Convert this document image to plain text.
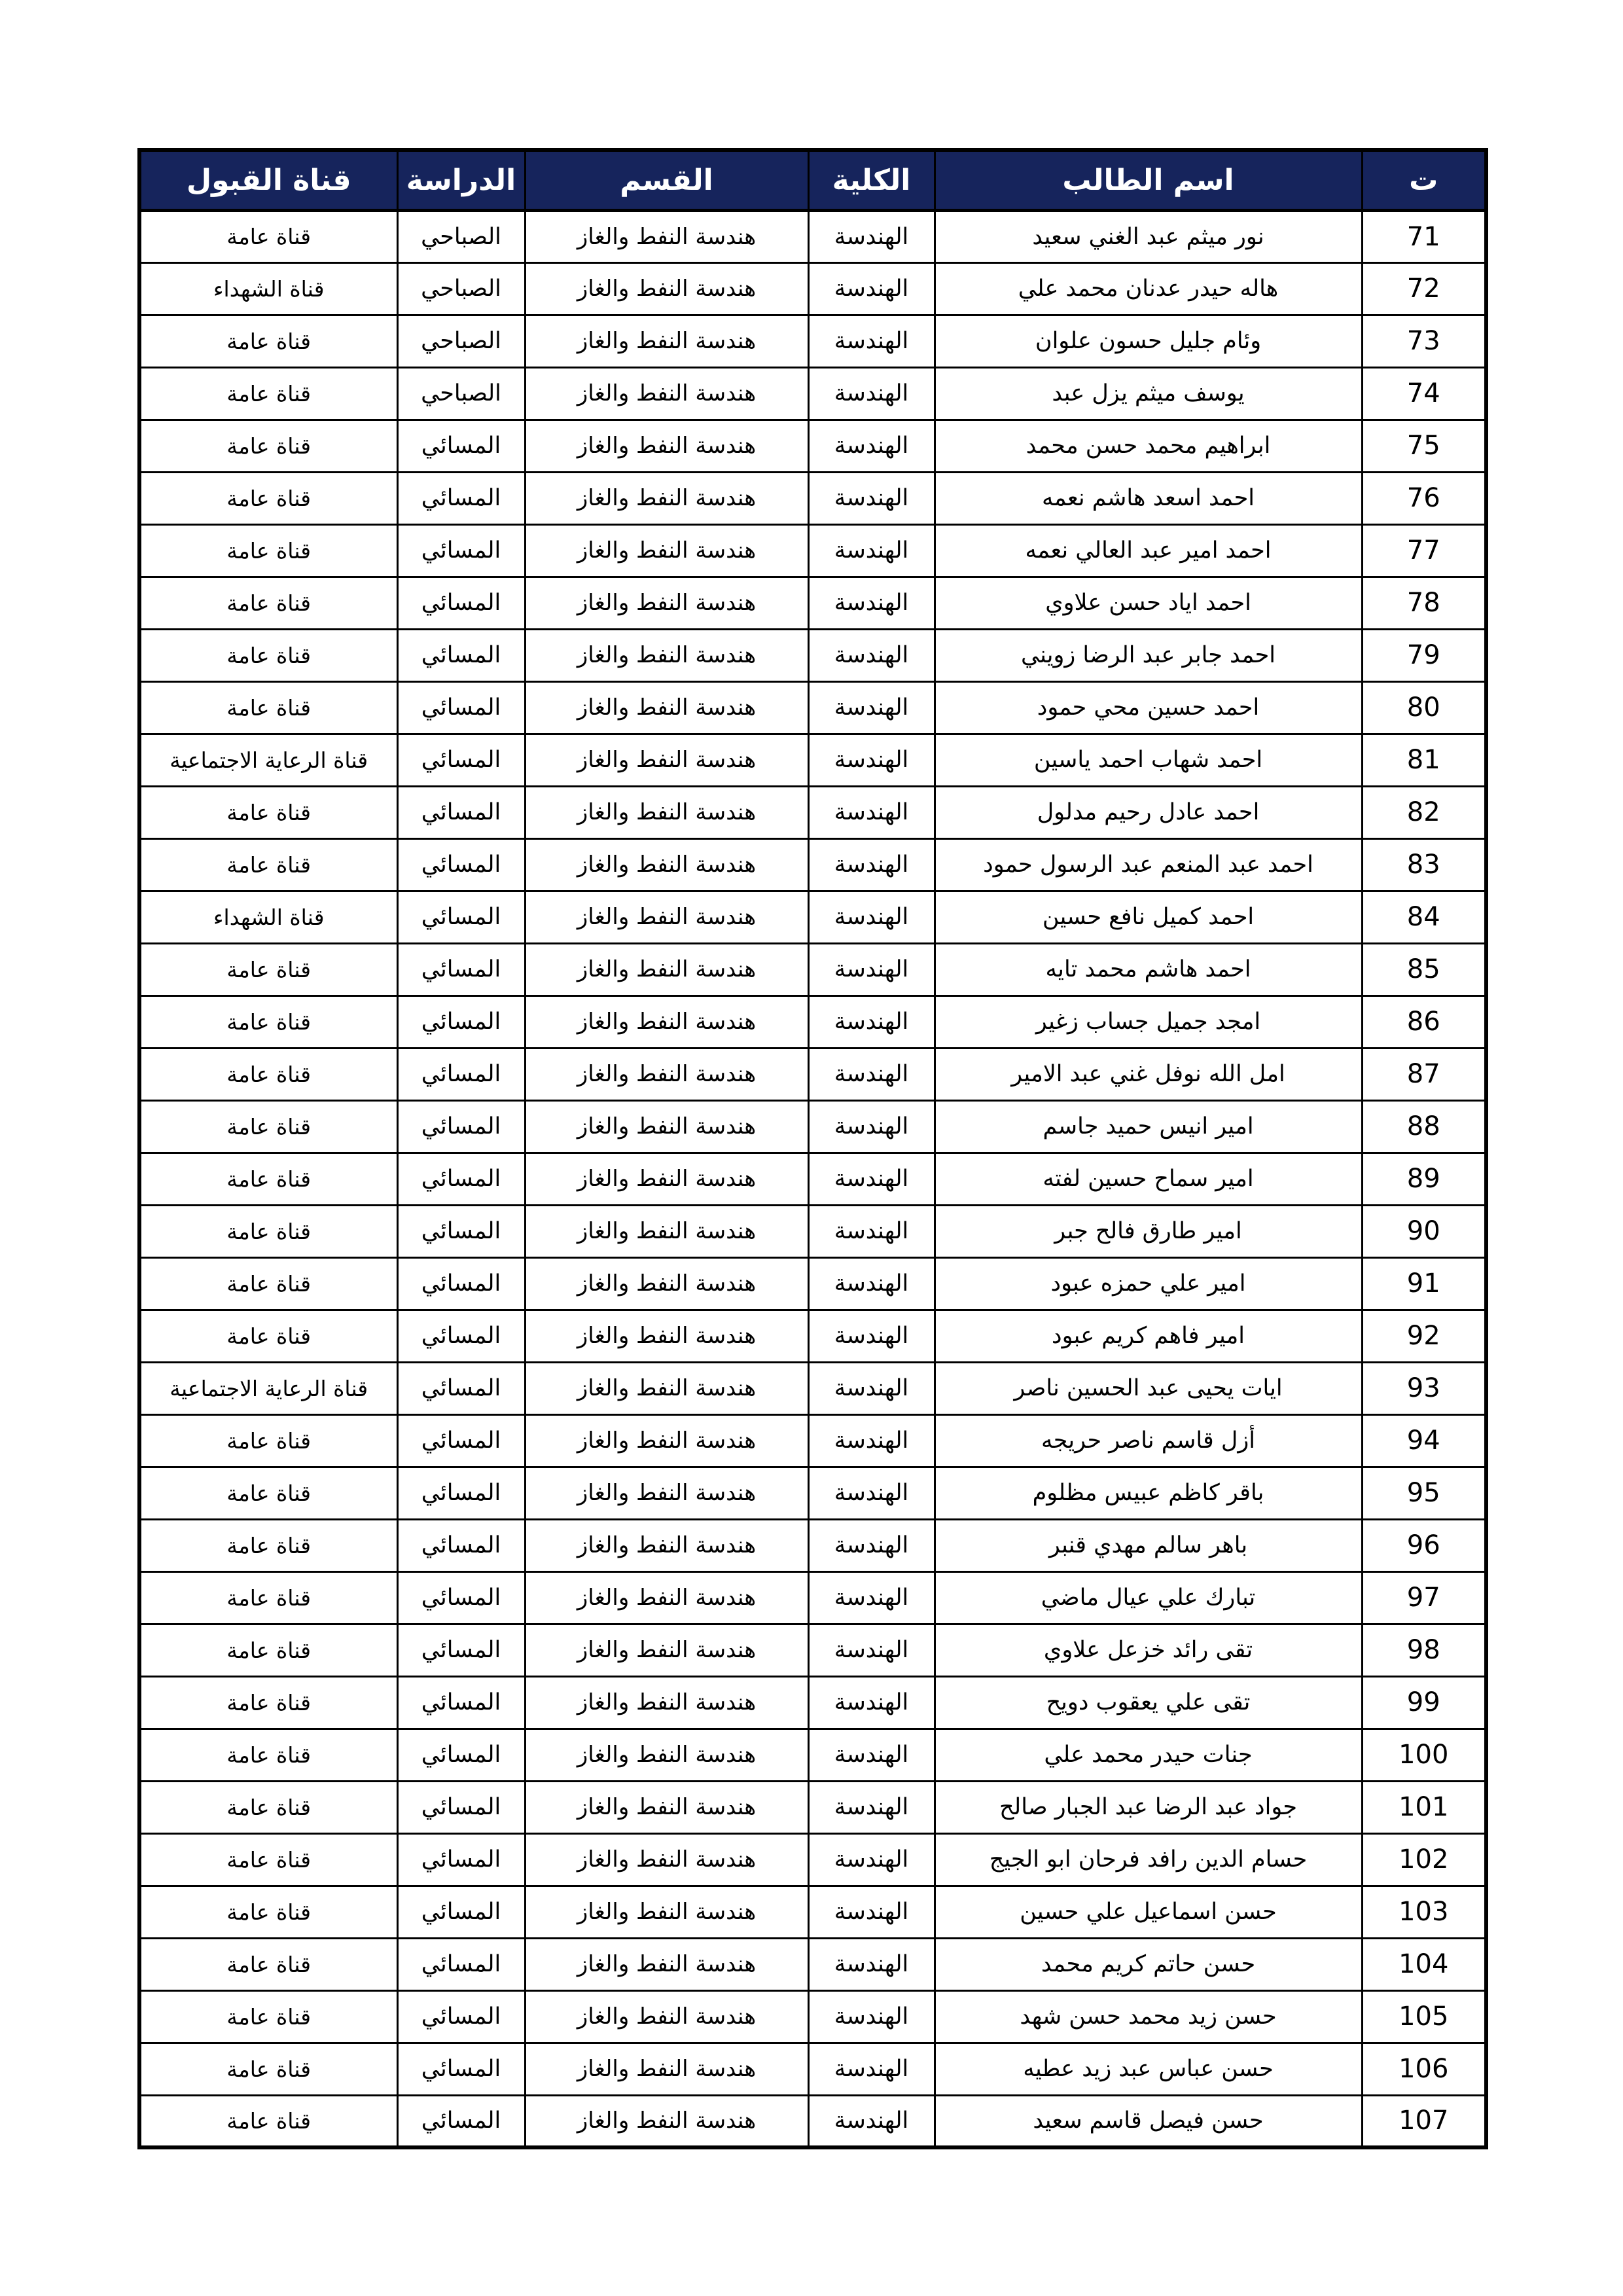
ت	اسم الطالب	الكلية	القسم	الدراسة	قناة القبول
71	نور ميثم عبد الغني سعيد	الهندسة	هندسة النفط والغاز	الصباحي	قناة عامة
72	هاله حيدر عدنان محمد علي	الهندسة	هندسة النفط والغاز	الصباحي	قناة الشهداء
73	وئام جليل حسون علوان	الهندسة	هندسة النفط والغاز	الصباحي	قناة عامة
74	يوسف ميثم يزل عبد	الهندسة	هندسة النفط والغاز	الصباحي	قناة عامة
75	ابراهيم محمد حسن محمد	الهندسة	هندسة النفط والغاز	المسائي	قناة عامة
76	احمد اسعد هاشم نعمه	الهندسة	هندسة النفط والغاز	المسائي	قناة عامة
77	احمد امير عبد العالي نعمه	الهندسة	هندسة النفط والغاز	المسائي	قناة عامة
78	احمد اياد حسن علاوي	الهندسة	هندسة النفط والغاز	المسائي	قناة عامة
79	احمد جابر عبد الرضا زويني	الهندسة	هندسة النفط والغاز	المسائي	قناة عامة
80	احمد حسين محي حمود	الهندسة	هندسة النفط والغاز	المسائي	قناة عامة
81	احمد شهاب احمد ياسين	الهندسة	هندسة النفط والغاز	المسائي	قناة الرعاية الاجتماعية
82	احمد عادل رحيم مدلول	الهندسة	هندسة النفط والغاز	المسائي	قناة عامة
83	احمد عبد المنعم عبد الرسول حمود	الهندسة	هندسة النفط والغاز	المسائي	قناة عامة
84	احمد كميل نافع حسين	الهندسة	هندسة النفط والغاز	المسائي	قناة الشهداء
85	احمد هاشم محمد تايه	الهندسة	هندسة النفط والغاز	المسائي	قناة عامة
86	امجد جميل جساب زغير	الهندسة	هندسة النفط والغاز	المسائي	قناة عامة
87	امل الله نوفل غني عبد الامير	الهندسة	هندسة النفط والغاز	المسائي	قناة عامة
88	امير انيس حميد جاسم	الهندسة	هندسة النفط والغاز	المسائي	قناة عامة
89	امير سماح حسين لفته	الهندسة	هندسة النفط والغاز	المسائي	قناة عامة
90	امير طارق فالح جبر	الهندسة	هندسة النفط والغاز	المسائي	قناة عامة
91	امير علي حمزه عبود	الهندسة	هندسة النفط والغاز	المسائي	قناة عامة
92	امير فاهم كريم عبود	الهندسة	هندسة النفط والغاز	المسائي	قناة عامة
93	ايات يحيى عبد الحسين ناصر	الهندسة	هندسة النفط والغاز	المسائي	قناة الرعاية الاجتماعية
94	أزل قاسم ناصر حريجه	الهندسة	هندسة النفط والغاز	المسائي	قناة عامة
95	باقر كاظم عبيس مظلوم	الهندسة	هندسة النفط والغاز	المسائي	قناة عامة
96	باهر سالم مهدي قنبر	الهندسة	هندسة النفط والغاز	المسائي	قناة عامة
97	تبارك علي عيال ماضي	الهندسة	هندسة النفط والغاز	المسائي	قناة عامة
98	تقى رائد خزعل علاوي	الهندسة	هندسة النفط والغاز	المسائي	قناة عامة
99	تقى علي يعقوب دويح	الهندسة	هندسة النفط والغاز	المسائي	قناة عامة
100	جنات حيدر محمد علي	الهندسة	هندسة النفط والغاز	المسائي	قناة عامة
101	جواد عبد الرضا عبد الجبار صالح	الهندسة	هندسة النفط والغاز	المسائي	قناة عامة
102	حسام الدين رافد فرحان ابو الجيج	الهندسة	هندسة النفط والغاز	المسائي	قناة عامة
103	حسن اسماعيل علي حسين	الهندسة	هندسة النفط والغاز	المسائي	قناة عامة
104	حسن حاتم كريم محمد	الهندسة	هندسة النفط والغاز	المسائي	قناة عامة
105	حسن زيد محمد حسن شهد	الهندسة	هندسة النفط والغاز	المسائي	قناة عامة
106	حسن عباس عبد زيد عطيه	الهندسة	هندسة النفط والغاز	المسائي	قناة عامة
107	حسن فيصل قاسم سعيد	الهندسة	هندسة النفط والغاز	المسائي	قناة عامة
